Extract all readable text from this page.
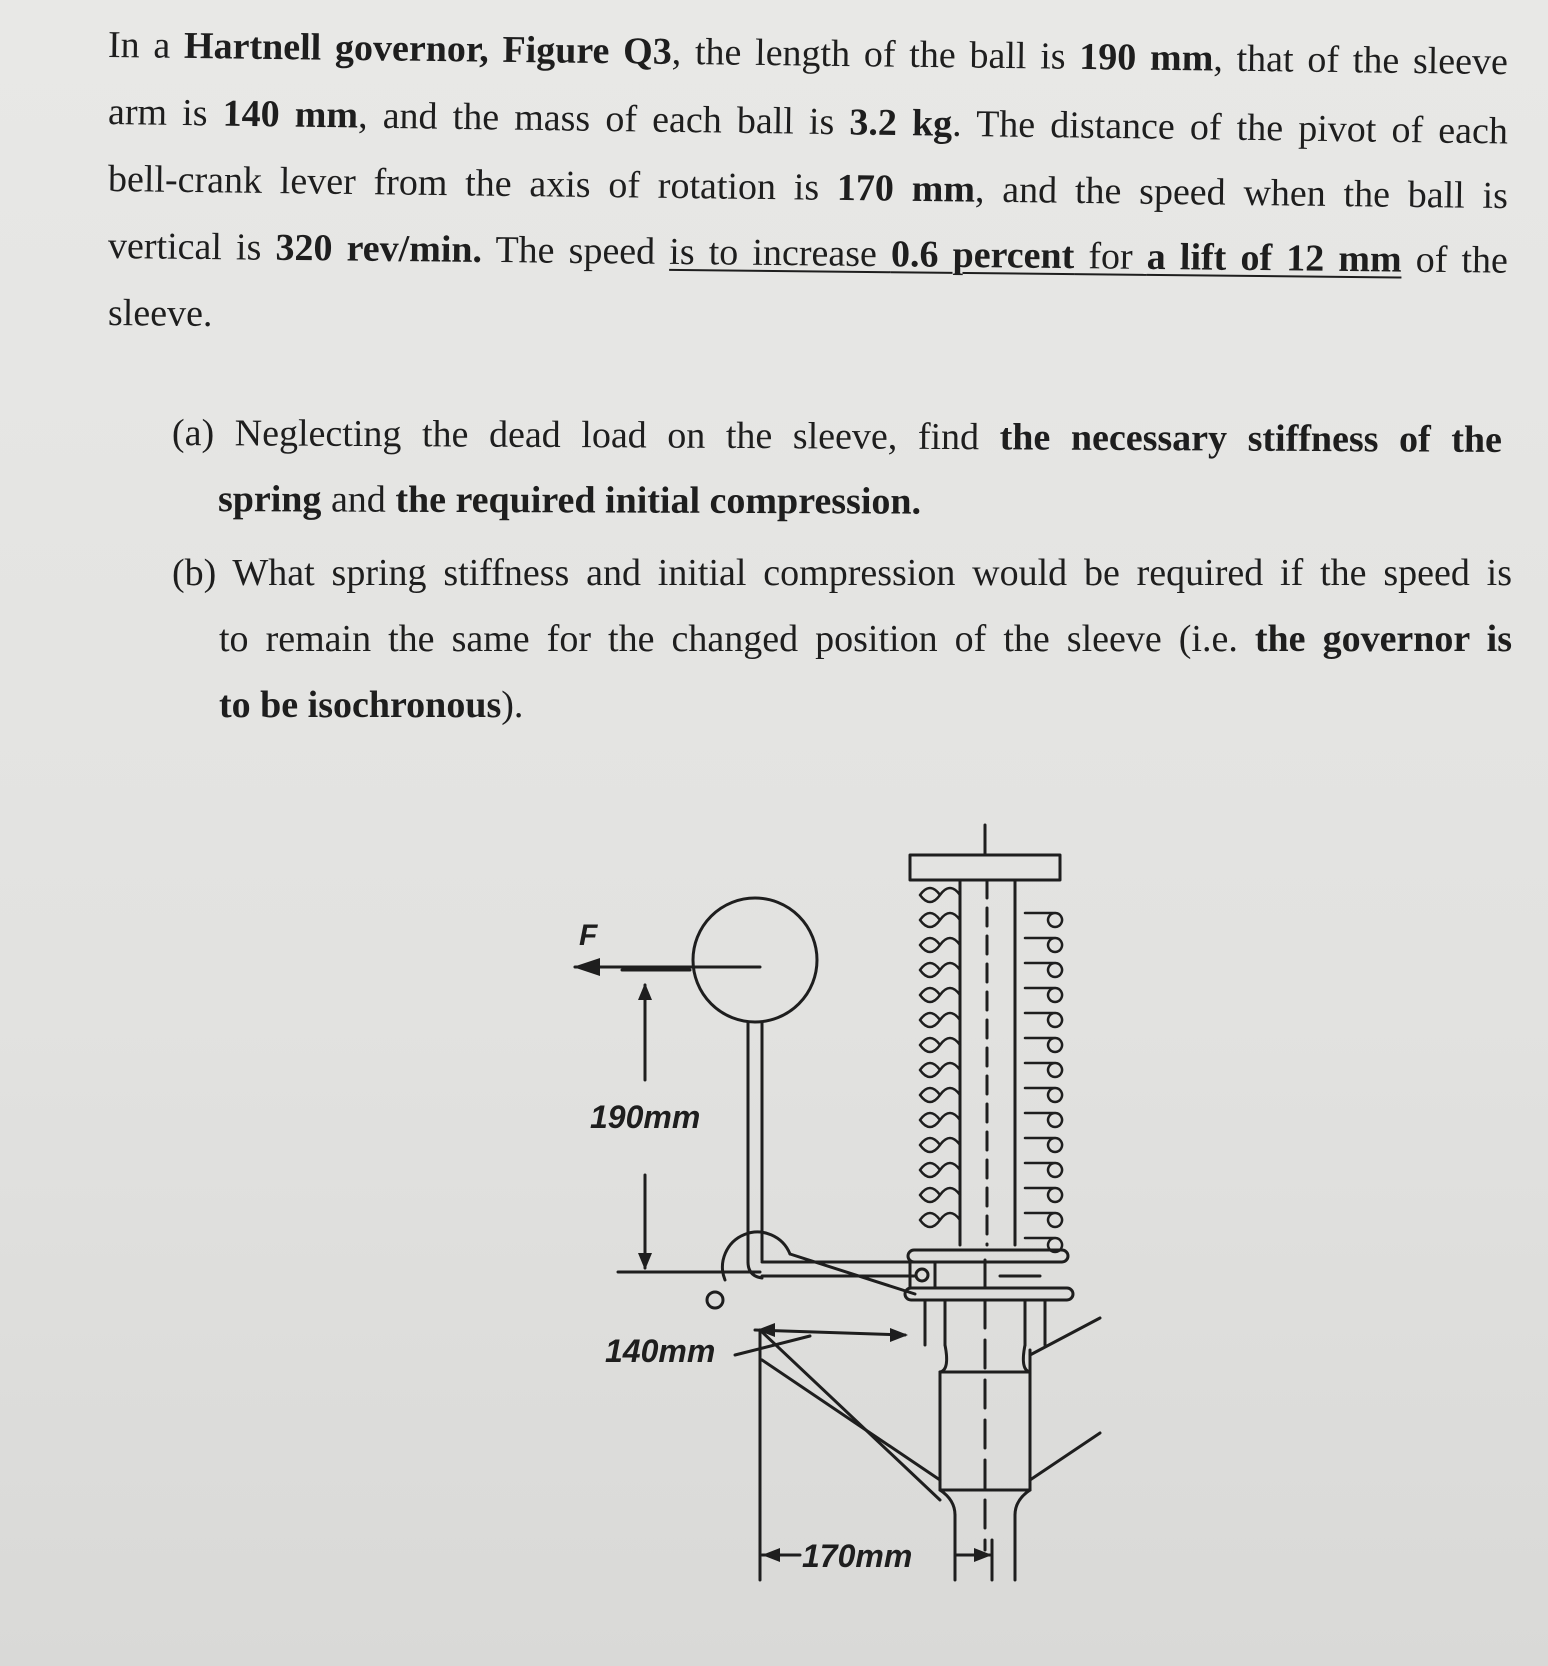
In a Hartnell governor, Figure Q3, the length of the ball is 190 mm, that of the sleeve
arm is 140 mm, and the mass of each ball is 3.2 kg. The distance of the pivot of each
bell-crank lever from the axis of rotation is 170 mm, and the speed when the ball is
vertical is 320 rev/min. The speed is to increase 0.6 percent for a lift of 12 mm of the
sleeve.
(a) Neglecting the dead load on the sleeve, find the necessary stiffness of the
spring and the required initial compression.
(b) What spring stiffness and initial compression would be required if the speed is
to remain the same for the changed position of the sleeve (i.e. the governor is
to be isochronous).
F
190mm
140mm
170mm
